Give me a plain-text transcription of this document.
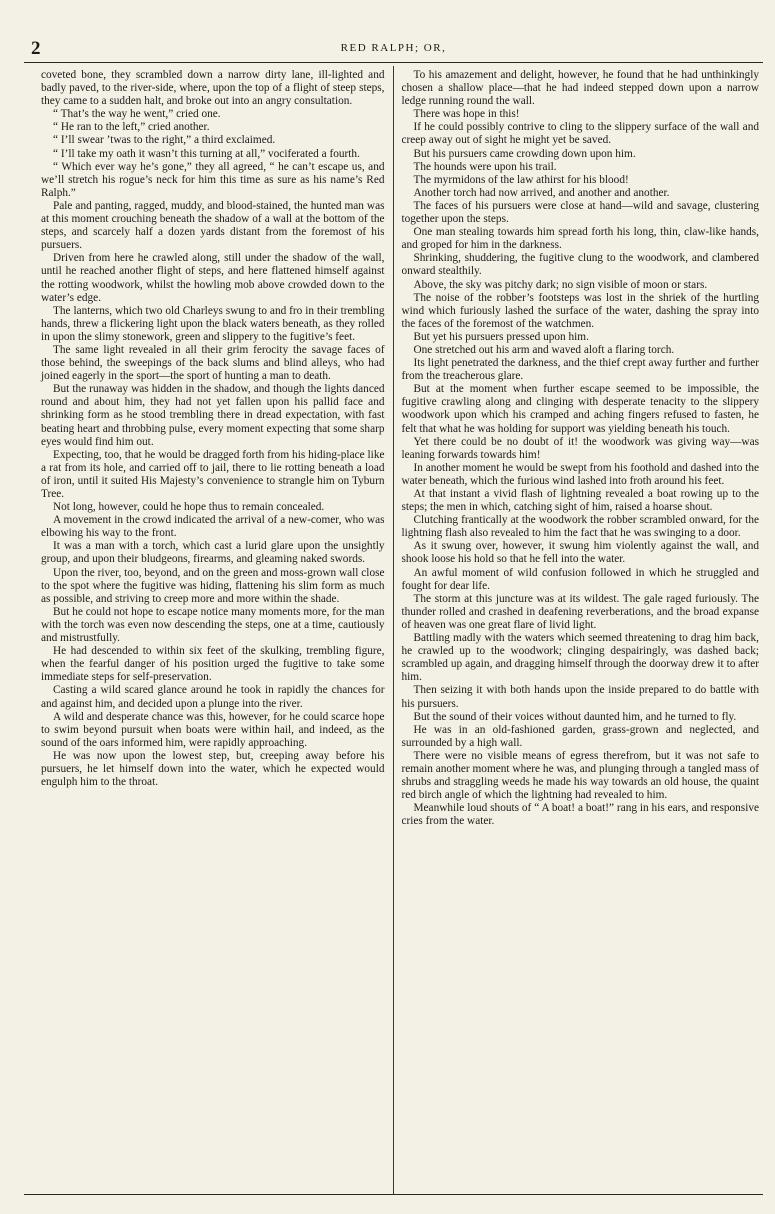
2	RED RALPH; OR,

coveted bone, they scrambled down a narrow dirty lane, ill-lighted and badly paved, to the river-side, where, upon the top of a flight of steep steps, they came to a sudden halt, and broke out into an angry consultation.

“ That’s the way he went,” cried one.

“ He ran to the left,” cried another.

“ I’ll swear ’twas to the right,” a third exclaimed.

“ I’ll take my oath it wasn’t this turning at all,” vociferated a fourth.

“ Which ever way he’s gone,” they all agreed, “ he can’t escape us, and we’ll stretch his rogue’s neck for him this time as sure as his name’s Red Ralph.”

Pale and panting, ragged, muddy, and blood-stained, the hunted man was at this moment crouching beneath the shadow of a wall at the bottom of the steps, and scarcely half a dozen yards distant from the foremost of his pursuers.

Driven from here he crawled along, still under the shadow of the wall, until he reached another flight of steps, and here flattened himself against the rotting woodwork, whilst the howling mob above crowded down to the water’s edge.

The lanterns, which two old Charleys swung to and fro in their trembling hands, threw a flickering light upon the black waters beneath, as they rolled in upon the slimy stonework, green and slippery to the fugitive’s feet.

The same light revealed in all their grim ferocity the savage faces of those behind, the sweepings of the back slums and blind alleys, who had joined eagerly in the sport—the sport of hunting a man to death.

But the runaway was hidden in the shadow, and though the lights danced round and about him, they had not yet fallen upon his pallid face and shrinking form as he stood trembling there in dread expectation, with fast beating heart and throbbing pulse, every moment expecting that some sharp eyes would find him out.

Expecting, too, that he would be dragged forth from his hiding-place like a rat from its hole, and carried off to jail, there to lie rotting beneath a load of iron, until it suited His Majesty’s convenience to strangle him on Tyburn Tree.

Not long, however, could he hope thus to remain concealed.

A movement in the crowd indicated the arrival of a new-comer, who was elbowing his way to the front.

It was a man with a torch, which cast a lurid glare upon the unsightly group, and upon their bludgeons, firearms, and gleaming naked swords.

Upon the river, too, beyond, and on the green and moss-grown wall close to the spot where the fugitive was hiding, flattening his slim form as much as possible, and striving to creep more and more within the shade.

But he could not hope to escape notice many moments more, for the man with the torch was even now descending the steps, one at a time, cautiously and mistrustfully.

He had descended to within six feet of the skulking, trembling figure, when the fearful danger of his position urged the fugitive to take some immediate steps for self-preservation.

Casting a wild scared glance around he took in rapidly the chances for and against him, and decided upon a plunge into the river.

A wild and desperate chance was this, however, for he could scarce hope to swim beyond pursuit when boats were within hail, and indeed, as the sound of the oars informed him, were rapidly approaching.

He was now upon the lowest step, but, creeping away before his pursuers, he let himself down into the water, which he expected would engulph him to the throat.

To his amazement and delight, however, he found that he had unthinkingly chosen a shallow place—that he had indeed stepped down upon a narrow ledge running round the wall.

There was hope in this!

If he could possibly contrive to cling to the slippery surface of the wall and creep away out of sight he might yet be saved.

But his pursuers came crowding down upon him.

The hounds were upon his trail.

The myrmidons of the law athirst for his blood!

Another torch had now arrived, and another and another.

The faces of his pursuers were close at hand—wild and savage, clustering together upon the steps.

One man stealing towards him spread forth his long, thin, claw-like hands, and groped for him in the darkness.

Shrinking, shuddering, the fugitive clung to the woodwork, and clambered onward stealthily.

Above, the sky was pitchy dark; no sign visible of moon or stars.

The noise of the robber’s footsteps was lost in the shriek of the hurtling wind which furiously lashed the surface of the water, dashing the spray into the faces of the foremost of the watchmen.

But yet his pursuers pressed upon him.

One stretched out his arm and waved aloft a flaring torch.

Its light penetrated the darkness, and the thief crept away further and further from the treacherous glare.

But at the moment when further escape seemed to be impossible, the fugitive crawling along and clinging with desperate tenacity to the slippery woodwork upon which his cramped and aching fingers refused to fasten, he felt that what he was holding for support was yielding beneath his touch.

Yet there could be no doubt of it! the woodwork was giving way—was leaning forwards towards him!

In another moment he would be swept from his foothold and dashed into the water beneath, which the furious wind lashed into froth around his feet.

At that instant a vivid flash of lightning revealed a boat rowing up to the steps; the men in which, catching sight of him, raised a hoarse shout.

Clutching frantically at the woodwork the robber scrambled onward, for the lightning flash also revealed to him the fact that he was swinging to a door.

As it swung over, however, it swung him violently against the wall, and shook loose his hold so that he fell into the water.

An awful moment of wild confusion followed in which he struggled and fought for dear life.

The storm at this juncture was at its wildest. The gale raged furiously. The thunder rolled and crashed in deafening reverberations, and the broad expanse of heaven was one great flare of livid light.

Battling madly with the waters which seemed threatening to drag him back, he crawled up to the woodwork; clinging despairingly, was dashed back; scrambled up again, and dragging himself through the doorway drew it to after him.

Then seizing it with both hands upon the inside prepared to do battle with his pursuers.

But the sound of their voices without daunted him, and he turned to fly.

He was in an old-fashioned garden, grass-grown and neglected, and surrounded by a high wall.

There were no visible means of egress therefrom, but it was not safe to remain another moment where he was, and plunging through a tangled mass of shrubs and straggling weeds he made his way towards an old house, the quaint red birch angle of which the lightning had revealed to him.

Meanwhile loud shouts of “ A boat! a boat!” rang in his ears, and responsive cries from the water.
